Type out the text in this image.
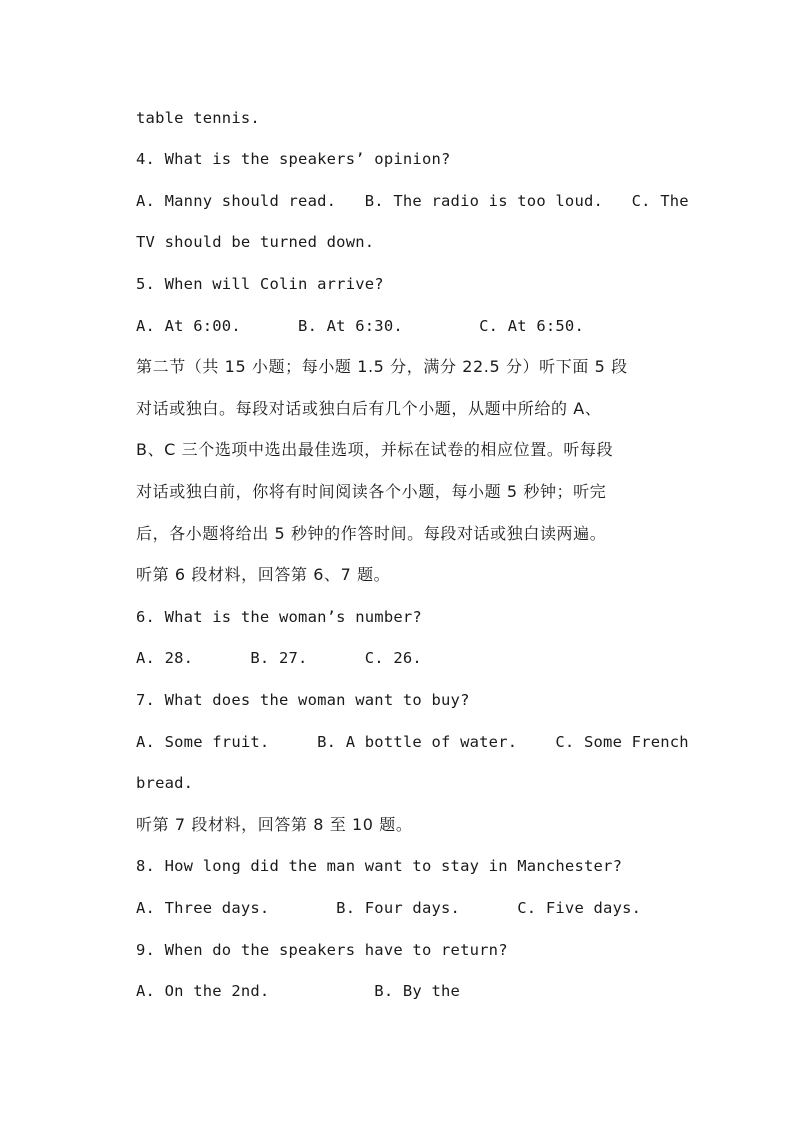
table tennis.
4. What is the speakers’ opinion?
A. Manny should read.   B. The radio is too loud.   C. The
TV should be turned down.
5. When will Colin arrive?
A. At 6:00.      B. At 6:30.        C. At 6:50.
第二节（共 15 小题；每小题 1.5 分，满分 22.5 分）听下面 5 段
对话或独白。每段对话或独白后有几个小题，从题中所给的 A、
B、C 三个选项中选出最佳选项，并标在试卷的相应位置。听每段
对话或独白前，你将有时间阅读各个小题，每小题 5 秒钟；听完
后，各小题将给出 5 秒钟的作答时间。每段对话或独白读两遍。
听第 6 段材料，回答第 6、7 题。
6. What is the woman’s number?
A. 28.      B. 27.      C. 26.
7. What does the woman want to buy?
A. Some fruit.     B. A bottle of water.    C. Some French
bread.
听第 7 段材料，回答第 8 至 10 题。
8. How long did the man want to stay in Manchester?
A. Three days.       B. Four days.      C. Five days.
9. When do the speakers have to return?
A. On the 2nd.           B. By the
